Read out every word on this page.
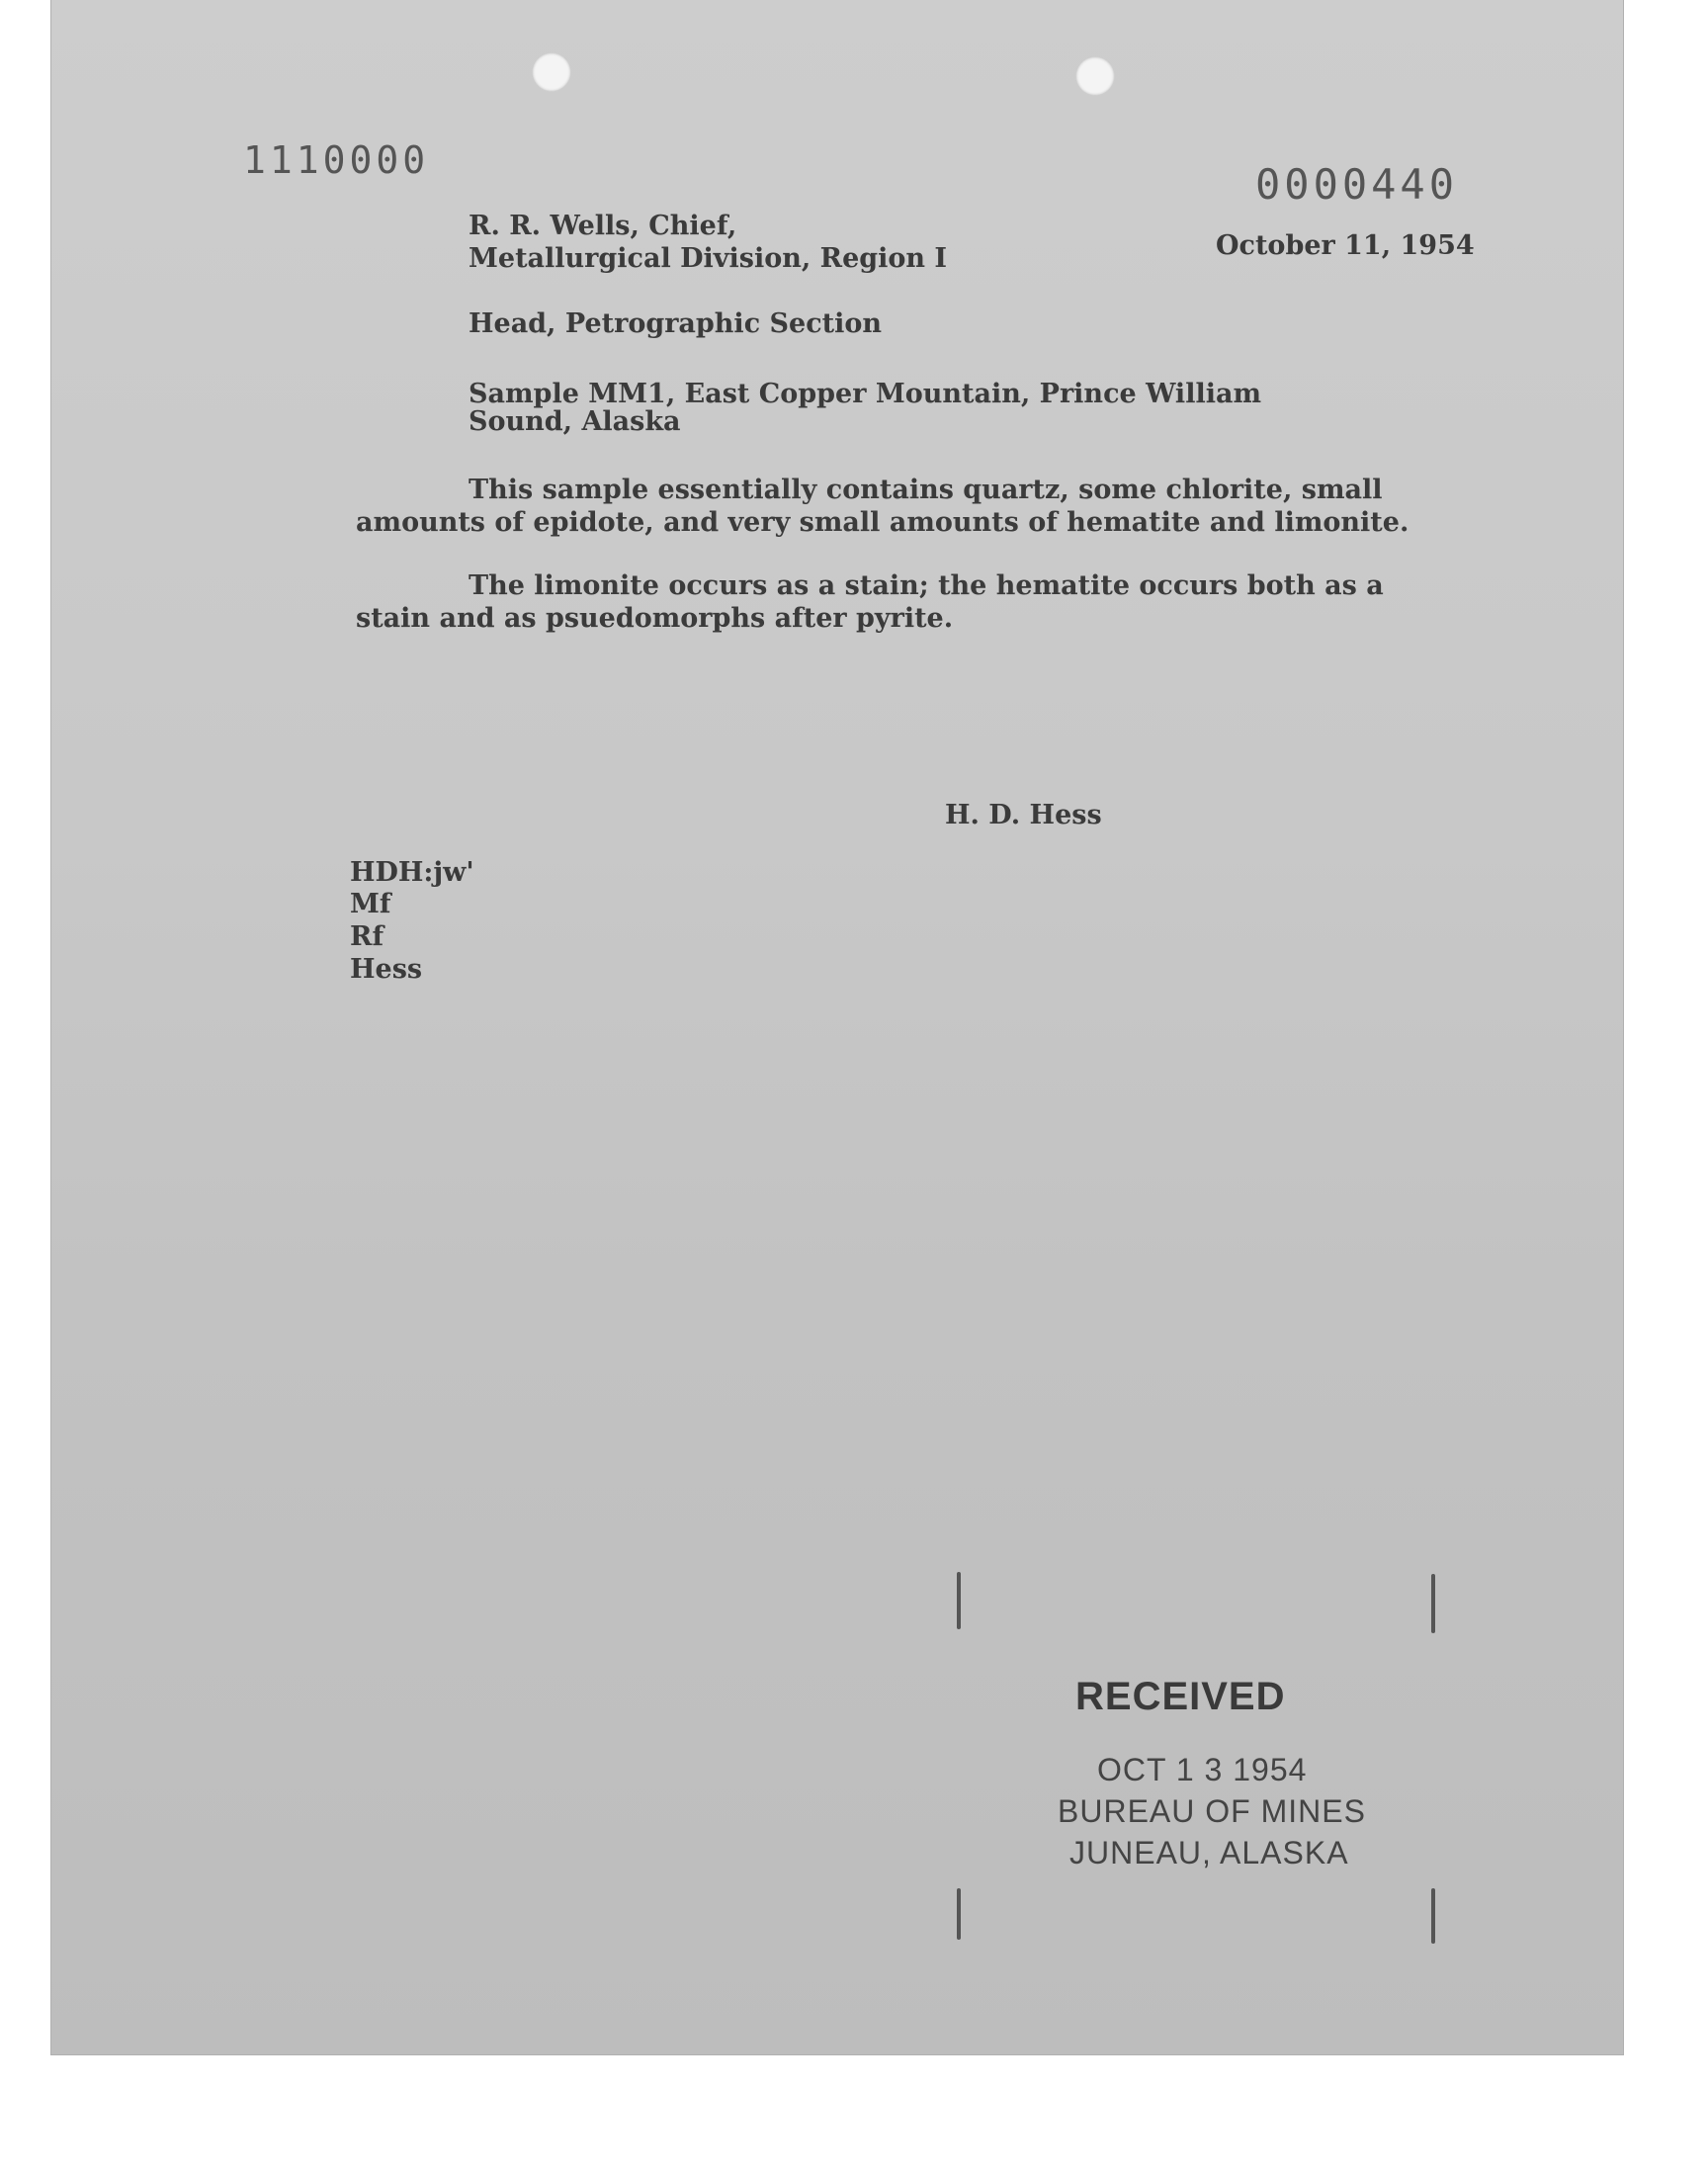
1110000	0000440
October 11, 1954
R. R. Wells, Chief,
Metallurgical Division, Region I
Head, Petrographic Section
Sample MM1, East Copper Mountain, Prince William
Sound, Alaska
This sample essentially contains quartz, some chlorite, small
amounts of epidote, and very small amounts of hematite and limonite.
The limonite occurs as a stain; the hematite occurs both as a
stain and as psuedomorphs after pyrite.
H. D. Hess
HDH:jw'
Mf
Rf
Hess
RECEIVED
OCT 1 3 1954
BUREAU OF MINES
JUNEAU, ALASKA
